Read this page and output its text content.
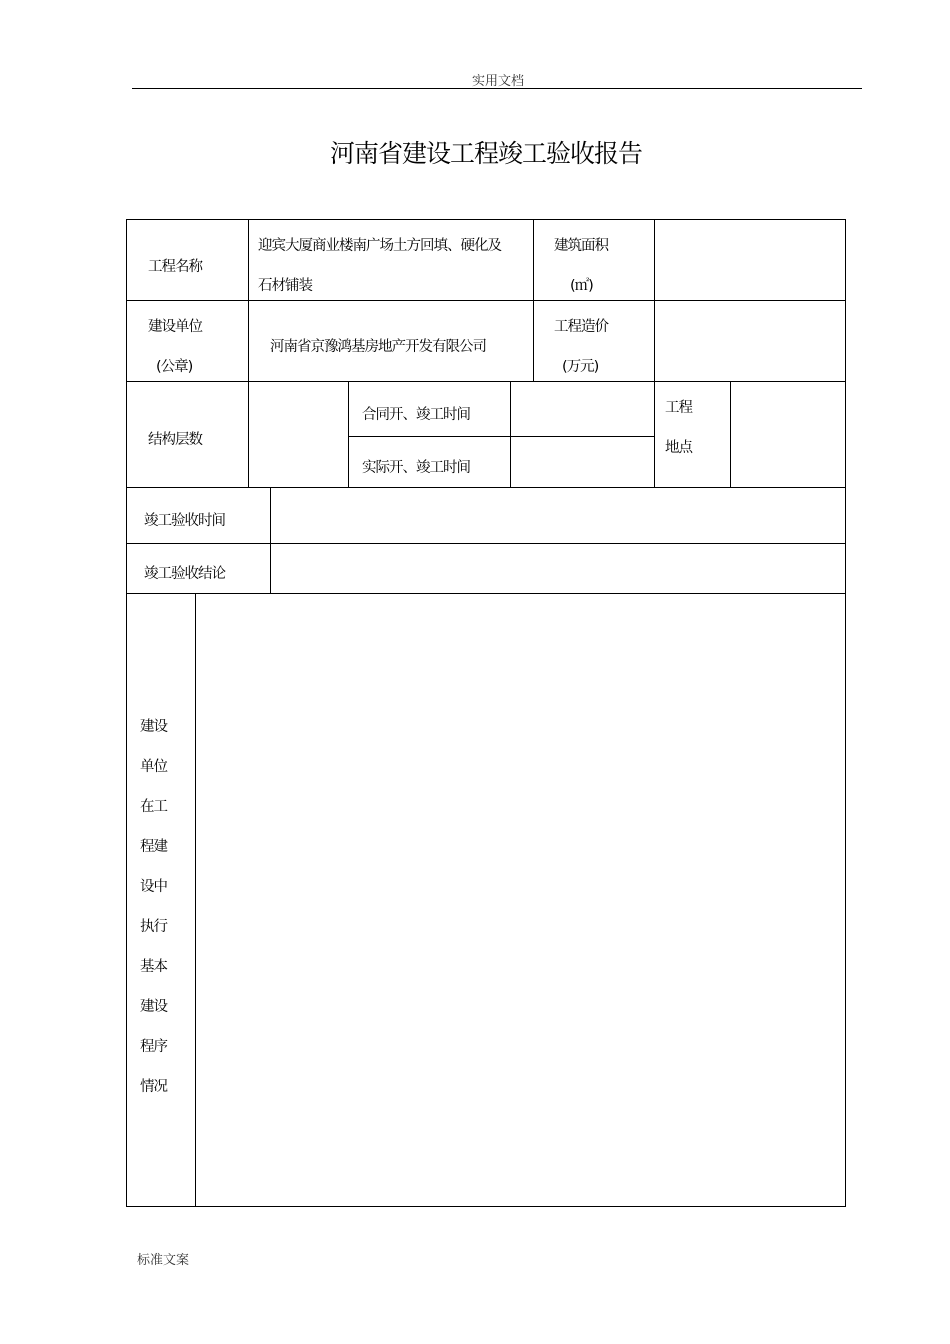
实用文档
河南省建设工程竣工验收报告
工程名称
迎宾大厦商业楼南广场土方回填、硬化及
石材铺装
建筑面积
(㎡)
建设单位
(公章)
河南省京豫鸿基房地产开发有限公司
工程造价
(万元)
结构层数
合同开、竣工时间
实际开、竣工时间
工程
地点
竣工验收时间
竣工验收结论
建设
单位
在工
程建
设中
执行
基本
建设
程序
情况
标准文案
